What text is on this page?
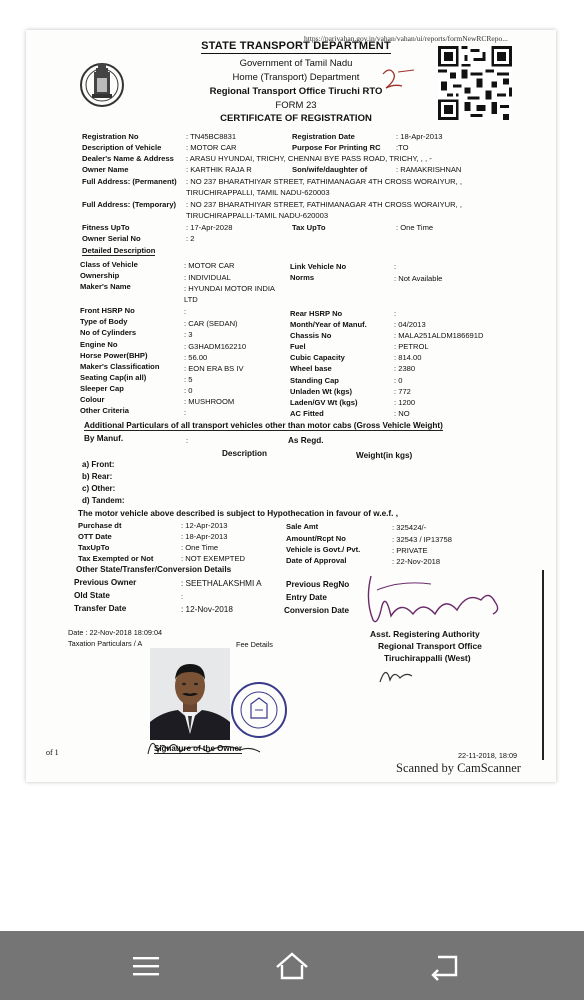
https://parivahan.gov.in/vahan/vahan/ui/reports/formNewRCRepo...
STATE TRANSPORT DEPARTMENT
Government of Tamil Nadu
Home (Transport) Department
Regional Transport Office Tiruchi RTO
FORM 23
CERTIFICATE OF REGISTRATION
Registration No	: TN45BC8831	Registration Date	: 18-Apr-2013
Description of Vehicle	: MOTOR CAR	Purpose For Printing RC :TO
Dealer's Name & Address : ARASU HYUNDAI, TRICHY, CHENNAI BYE PASS ROAD, TRICHY, , , -
Owner Name	: KARTHIK RAJA R	Son/wife/daughter of	: RAMAKRISHNAN
Full Address: (Permanent) : NO 237 BHARATHIYAR STREET, FATHIMANAGAR 4TH CROSS WORAIYUR, ,
TIRUCHIRAPPALLI, TAMIL NADU-620003
Full Address: (Temporary) : NO 237 BHARATHIYAR STREET, FATHIMANAGAR 4TH CROSS WORAIYUR, ,
TIRUCHIRAPPALLI-TAMIL NADU-620003
Fitness UpTo	: 17-Apr-2028	Tax UpTo	: One Time
Owner Serial No	: 2
Detailed Description
Class of Vehicle	: MOTOR CAR	Link Vehicle No	:
Ownership	: INDIVIDUAL	Norms	: Not Available
Maker's Name	: HYUNDAI MOTOR INDIA
LTD
Front HSRP No	:	Rear HSRP No	:
Type of Body	: CAR (SEDAN)	Month/Year of Manuf.	: 04/2013
No of Cylinders	: 3	Chassis No	: MALA251ALDM186691D
Engine No	: G3HADM162210	Fuel	: PETROL
Horse Power(BHP)	: 56.00	Cubic Capacity	: 814.00
Maker's Classification	: EON ERA BS IV	Wheel base	: 2380
Seating Cap(in all)	: 5	Standing Cap	: 0
Sleeper Cap	: 0	Unladen Wt (kgs)	: 772
Colour	: MUSHROOM	Laden/GV Wt (kgs)	: 1200
Other Criteria	:	AC Fitted	: NO
Additional Particulars of all transport vehicles other than motor cabs (Gross Vehicle Weight)
By Manuf.	:	As Regd.
Description	Weight(in kgs)
a) Front:
b) Rear:
c) Other:
d) Tandem:
The motor vehicle above described is subject to Hypothecation in favour of w.e.f. ,
Purchase dt	: 12-Apr-2013	Sale Amt	: 325424/-
OTT Date	: 18-Apr-2013	Amount/Rcpt No	: 32543 / IP13758
TaxUpTo	: One Time	Vehicle is Govt./ Pvt.	: PRIVATE
Tax Exempted or Not	: NOT EXEMPTED	Date of Approval	: 22-Nov-2018
Other State/Transfer/Conversion Details
Previous Owner	: SEETHALAKSHMI A	Previous RegNo
Old State	:	Entry Date
Transfer Date	: 12-Nov-2018	Conversion Date
Date : 22-Nov-2018 18:09:04
Taxation Particulars / A	Fee Details
Asst. Registering Authority
Regional Transport Office
Tiruchirappalli (West)
Signature of the Owner
of 1	22-11-2018, 18:09
Scanned by CamScanner
